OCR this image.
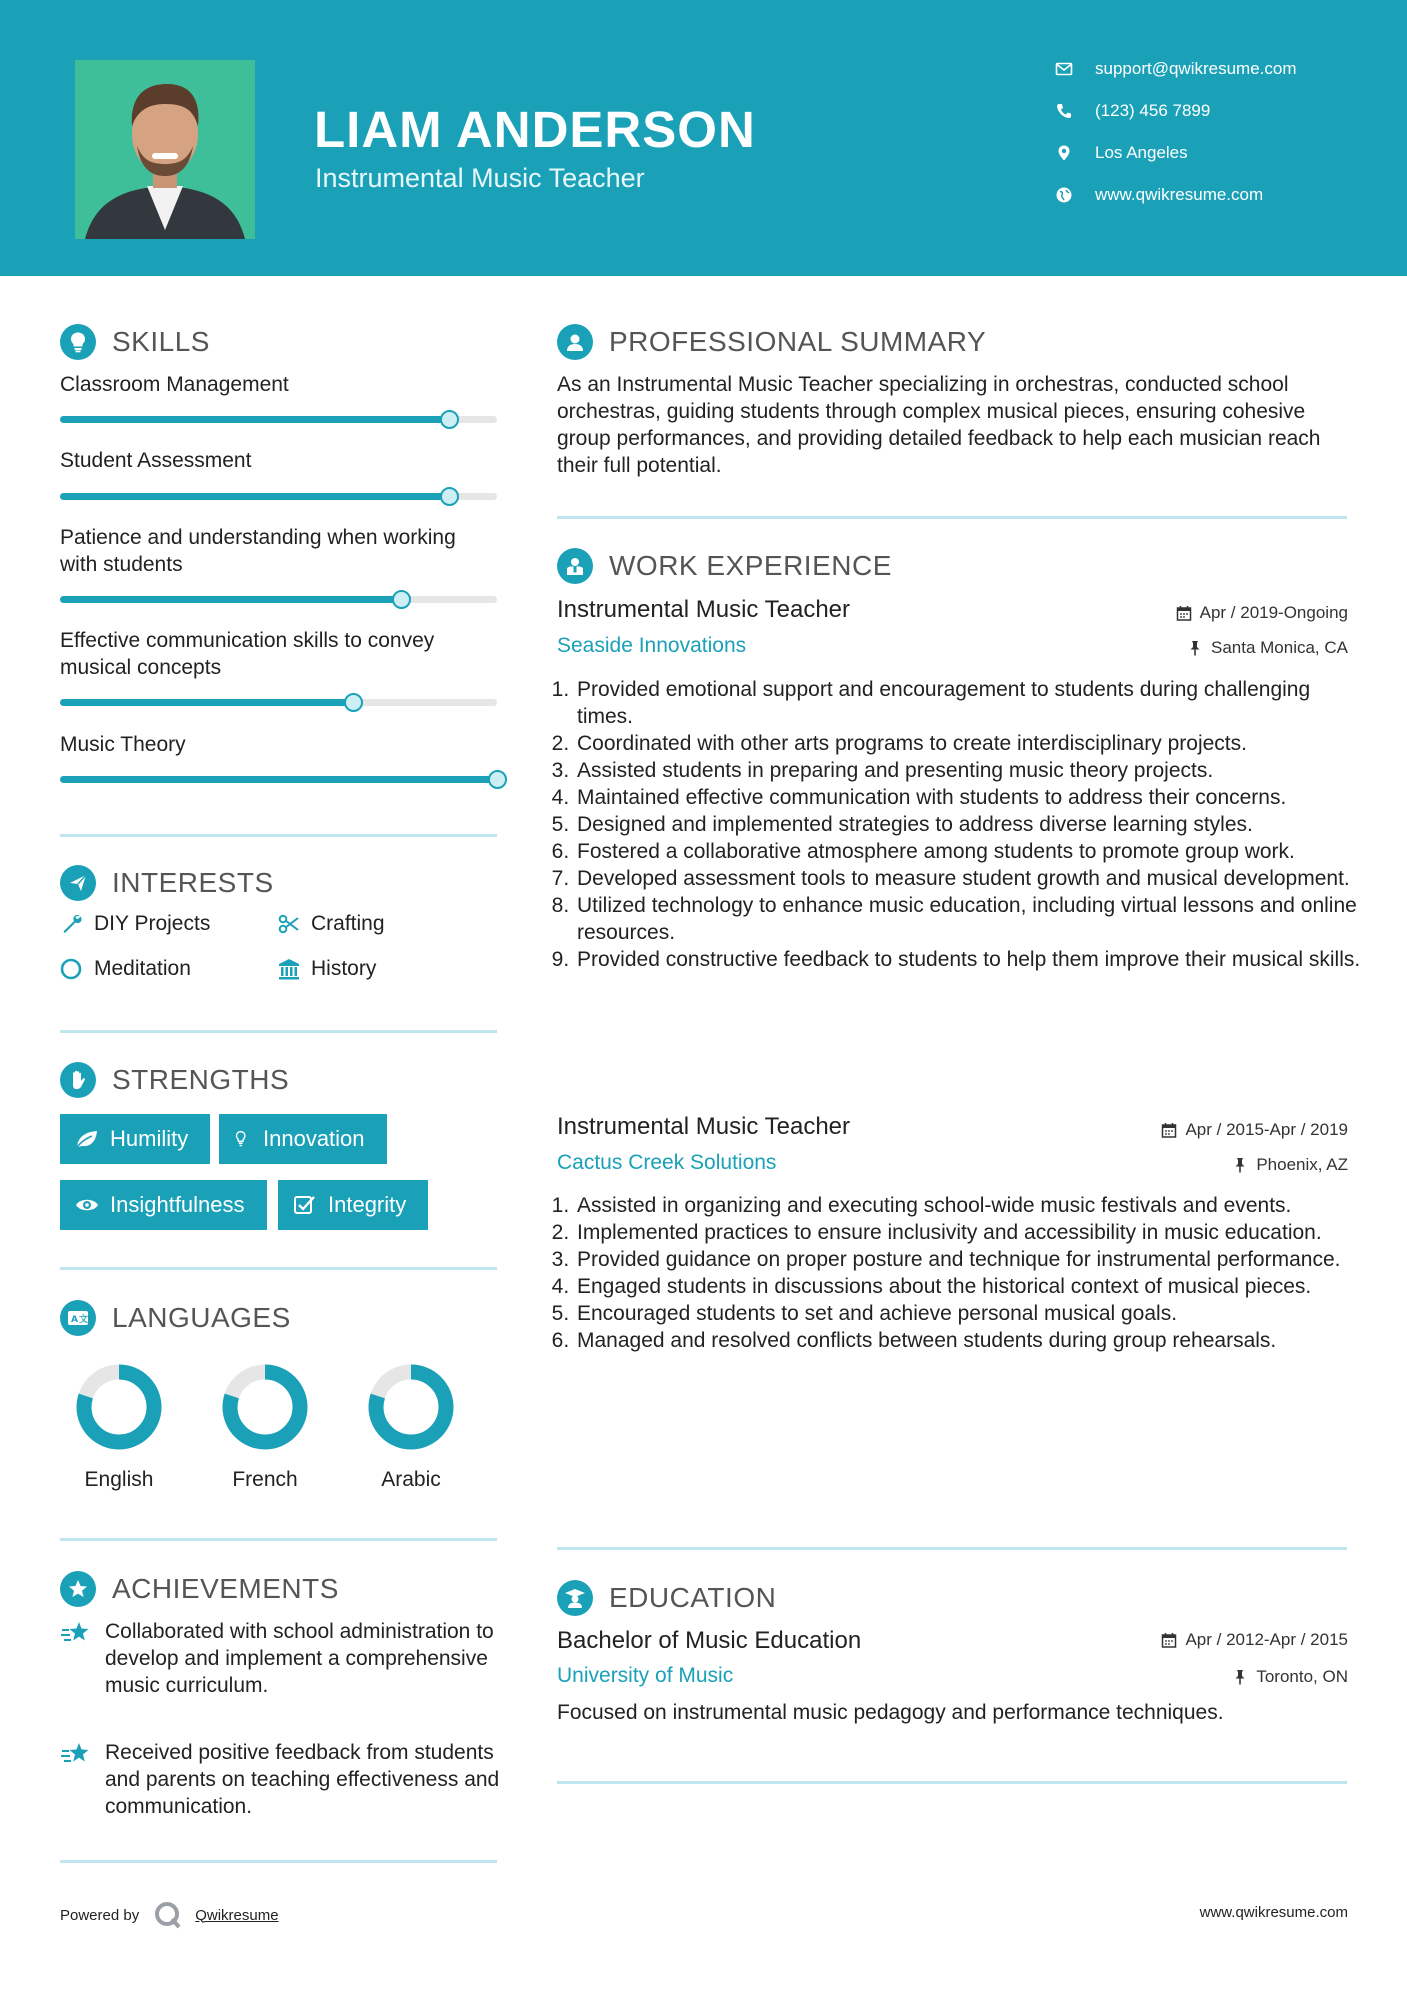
LIAM ANDERSON
Instrumental Music Teacher
support@qwikresume.com
(123) 456 7899
Los Angeles
www.qwikresume.com
SKILLS
Classroom Management
Student Assessment
Patience and understanding when working with students
Effective communication skills to convey musical concepts
Music Theory
INTERESTS
DIY Projects	Crafting
Meditation	History
STRENGTHS
Humility	Innovation
Insightfulness	Integrity
A 文 LANGUAGES
English	French	Arabic
ACHIEVEMENTS
Collaborated with school administration to develop and implement a comprehensive music curriculum.
Received positive feedback from students and parents on teaching effectiveness and communication.
PROFESSIONAL SUMMARY
As an Instrumental Music Teacher specializing in orchestras, conducted school orchestras, guiding students through complex musical pieces, ensuring cohesive group performances, and providing detailed feedback to help each musician reach their full potential.
WORK EXPERIENCE
Instrumental Music Teacher	Apr / 2019-Ongoing
Seaside Innovations	Santa Monica, CA
1. Provided emotional support and encouragement to students during challenging times.
2. Coordinated with other arts programs to create interdisciplinary projects.
3. Assisted students in preparing and presenting music theory projects.
4. Maintained effective communication with students to address their concerns.
5. Designed and implemented strategies to address diverse learning styles.
6. Fostered a collaborative atmosphere among students to promote group work.
7. Developed assessment tools to measure student growth and musical development.
8. Utilized technology to enhance music education, including virtual lessons and online resources.
9. Provided constructive feedback to students to help them improve their musical skills.
Instrumental Music Teacher	Apr / 2015-Apr / 2019
Cactus Creek Solutions	Phoenix, AZ
1. Assisted in organizing and executing school-wide music festivals and events.
2. Implemented practices to ensure inclusivity and accessibility in music education.
3. Provided guidance on proper posture and technique for instrumental performance.
4. Engaged students in discussions about the historical context of musical pieces.
5. Encouraged students to set and achieve personal musical goals.
6. Managed and resolved conflicts between students during group rehearsals.
EDUCATION
Bachelor of Music Education	Apr / 2012-Apr / 2015
University of Music	Toronto, ON
Focused on instrumental music pedagogy and performance techniques.
Powered by	Qwikresume	www.qwikresume.com
